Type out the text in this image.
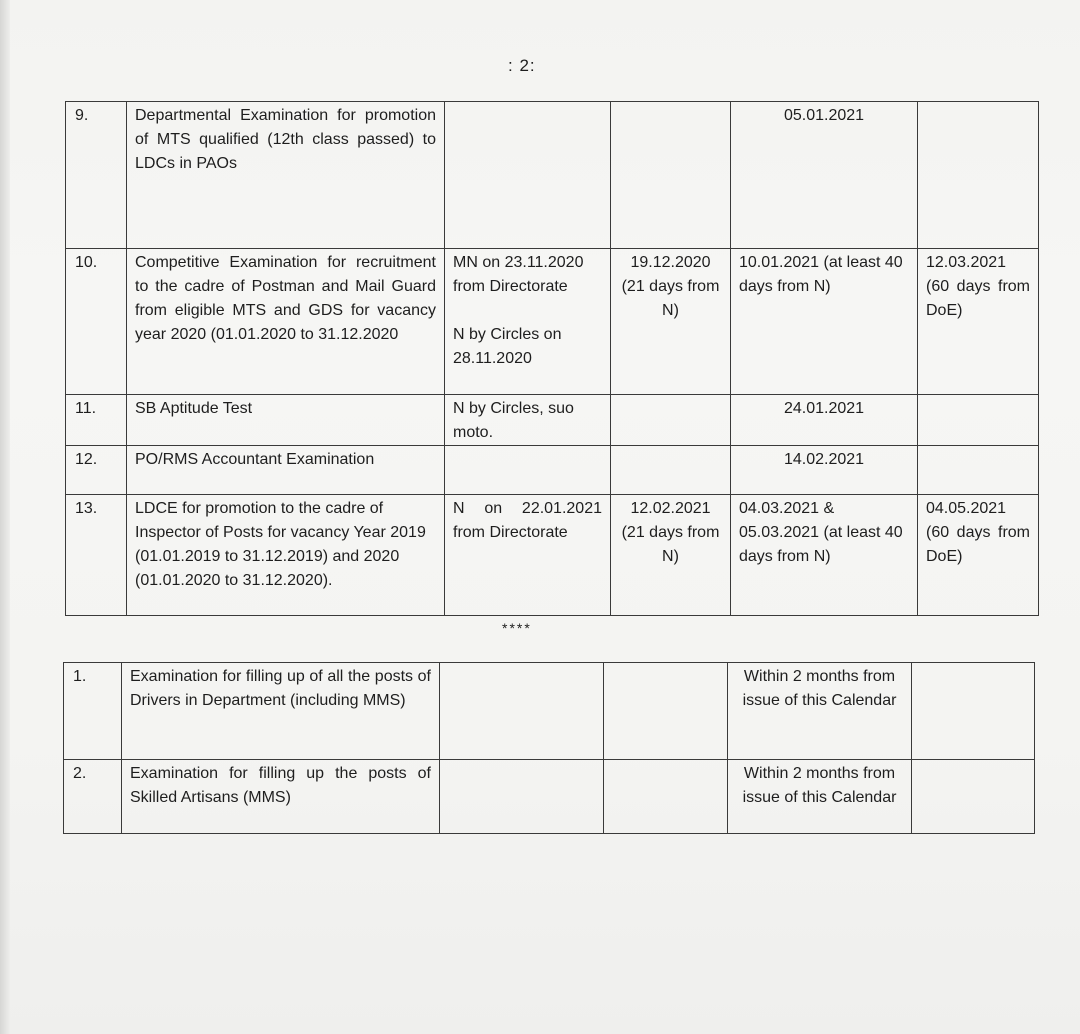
: 2:
9.	Departmental Examination for promotion of MTS qualified (12th class passed) to LDCs in PAOs			05.01.2021	
10.	Competitive Examination for recruitment to the cadre of Postman and Mail Guard from eligible MTS and GDS for vacancy year 2020 (01.01.2020 to 31.12.2020	MN on 23.11.2020 from Directorate
N by Circles on 28.11.2020	19.12.2020 (21 days from N)	10.01.2021 (at least 40 days from N)	12.03.2021 (60 days from DoE)
11.	SB Aptitude Test	N by Circles, suo moto.		24.01.2021	
12.	PO/RMS Accountant Examination			14.02.2021	
13.	LDCE for promotion to the cadre of Inspector of Posts for vacancy Year 2019 (01.01.2019 to 31.12.2019) and 2020 (01.01.2020 to 31.12.2020).	N on 22.01.2021 from Directorate	12.02.2021 (21 days from N)	04.03.2021 & 05.03.2021 (at least 40 days from N)	04.05.2021 (60 days from DoE)
****
1.	Examination for filling up of all the posts of Drivers in Department (including MMS)			Within 2 months from issue of this Calendar	
2.	Examination for filling up the posts of Skilled Artisans (MMS)			Within 2 months from issue of this Calendar	
